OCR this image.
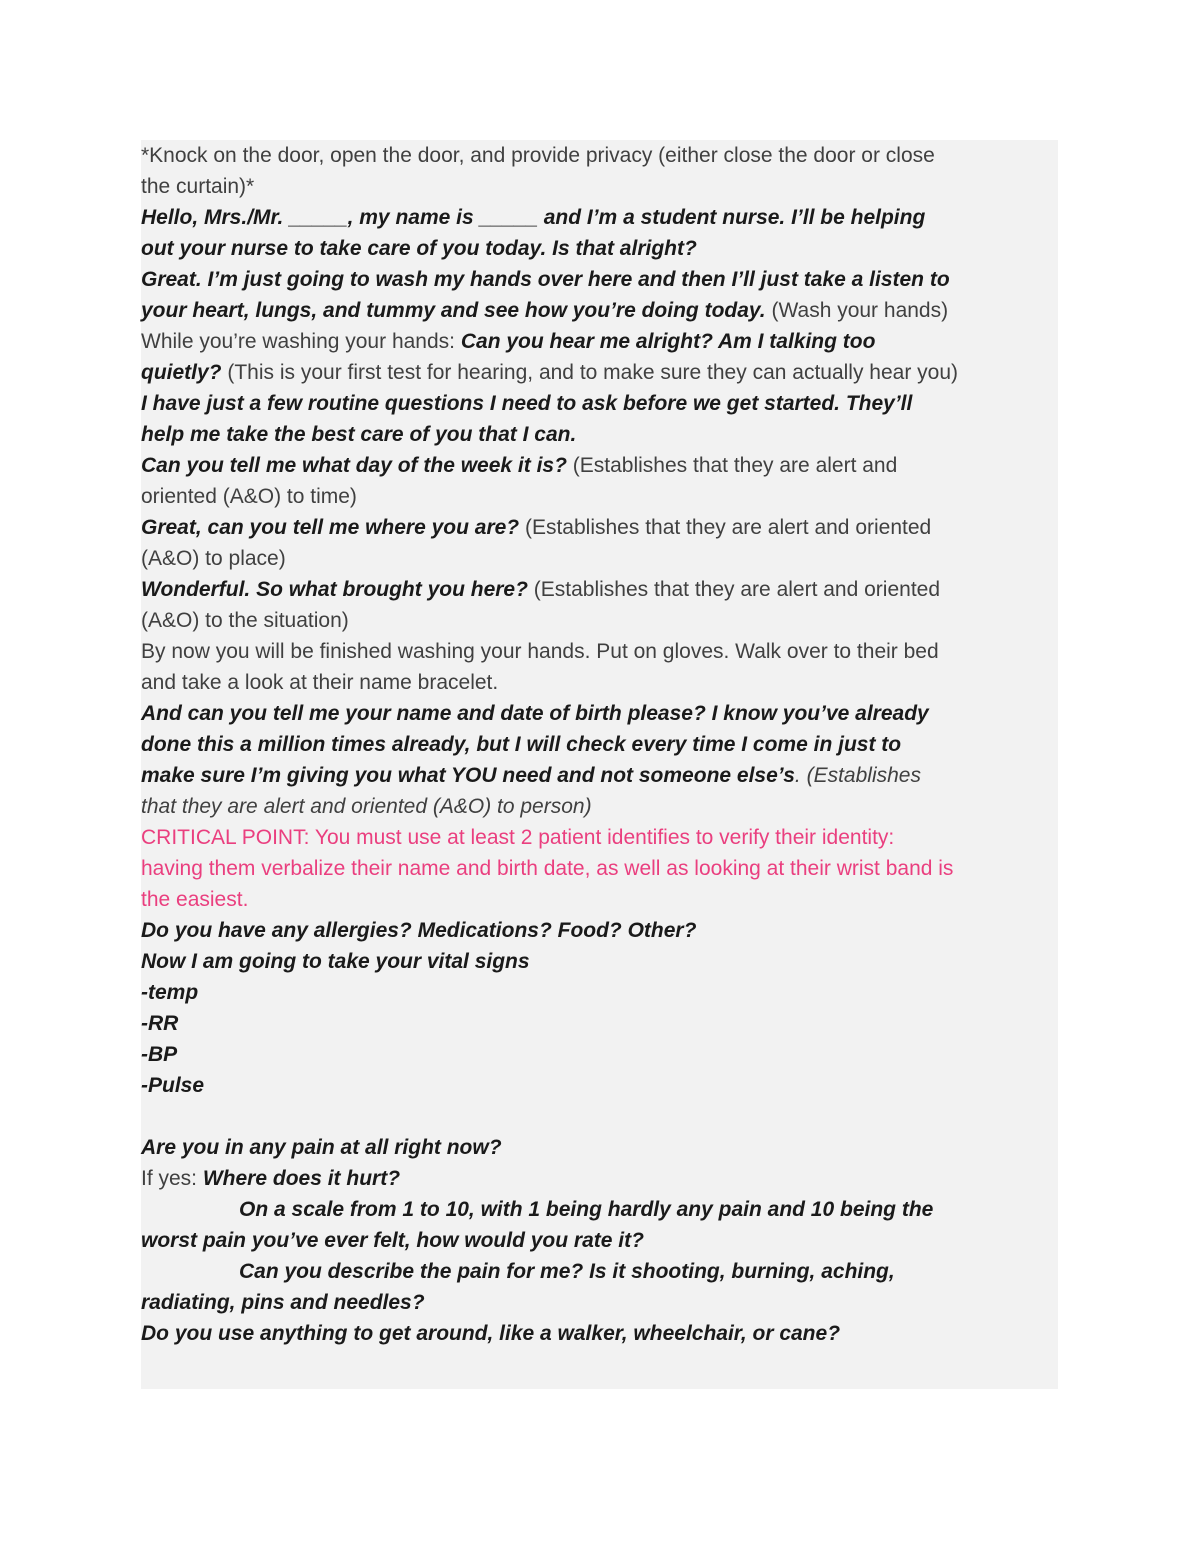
*Knock on the door, open the door, and provide privacy (either close the door or close
the curtain)*
Hello, Mrs./Mr. _____, my name is _____ and I’m a student nurse. I’ll be helping
out your nurse to take care of you today. Is that alright?
Great. I’m just going to wash my hands over here and then I’ll just take a listen to
your heart, lungs, and tummy and see how you’re doing today. (Wash your hands)
While you’re washing your hands: Can you hear me alright? Am I talking too
quietly? (This is your first test for hearing, and to make sure they can actually hear you)
I have just a few routine questions I need to ask before we get started. They’ll
help me take the best care of you that I can.
Can you tell me what day of the week it is? (Establishes that they are alert and
oriented (A&O) to time)
Great, can you tell me where you are? (Establishes that they are alert and oriented
(A&O) to place)
Wonderful. So what brought you here? (Establishes that they are alert and oriented
(A&O) to the situation)
By now you will be finished washing your hands. Put on gloves. Walk over to their bed
and take a look at their name bracelet.
And can you tell me your name and date of birth please? I know you’ve already
done this a million times already, but I will check every time I come in just to
make sure I’m giving you what YOU need and not someone else’s. (Establishes
that they are alert and oriented (A&O) to person)
CRITICAL POINT: You must use at least 2 patient identifies to verify their identity:
having them verbalize their name and birth date, as well as looking at their wrist band is
the easiest.
Do you have any allergies? Medications? Food? Other?
Now I am going to take your vital signs
-temp
-RR
-BP
-Pulse
Are you in any pain at all right now?
If yes: Where does it hurt?
On a scale from 1 to 10, with 1 being hardly any pain and 10 being the
worst pain you’ve ever felt, how would you rate it?
Can you describe the pain for me? Is it shooting, burning, aching,
radiating, pins and needles?
Do you use anything to get around, like a walker, wheelchair, or cane?
